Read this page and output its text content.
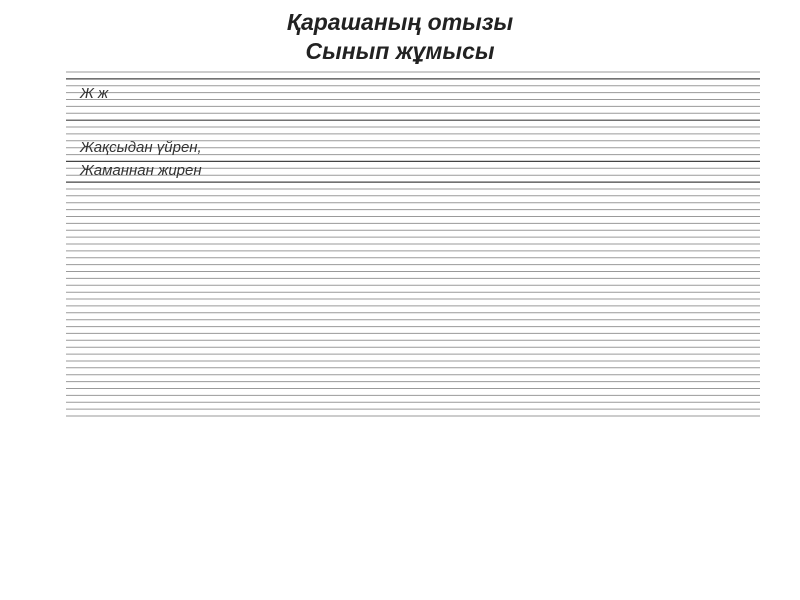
Қарашаның отызы
Сынып жұмысы
Ж ж
Жақсыдан үйрен,
Жаманнан жирен
